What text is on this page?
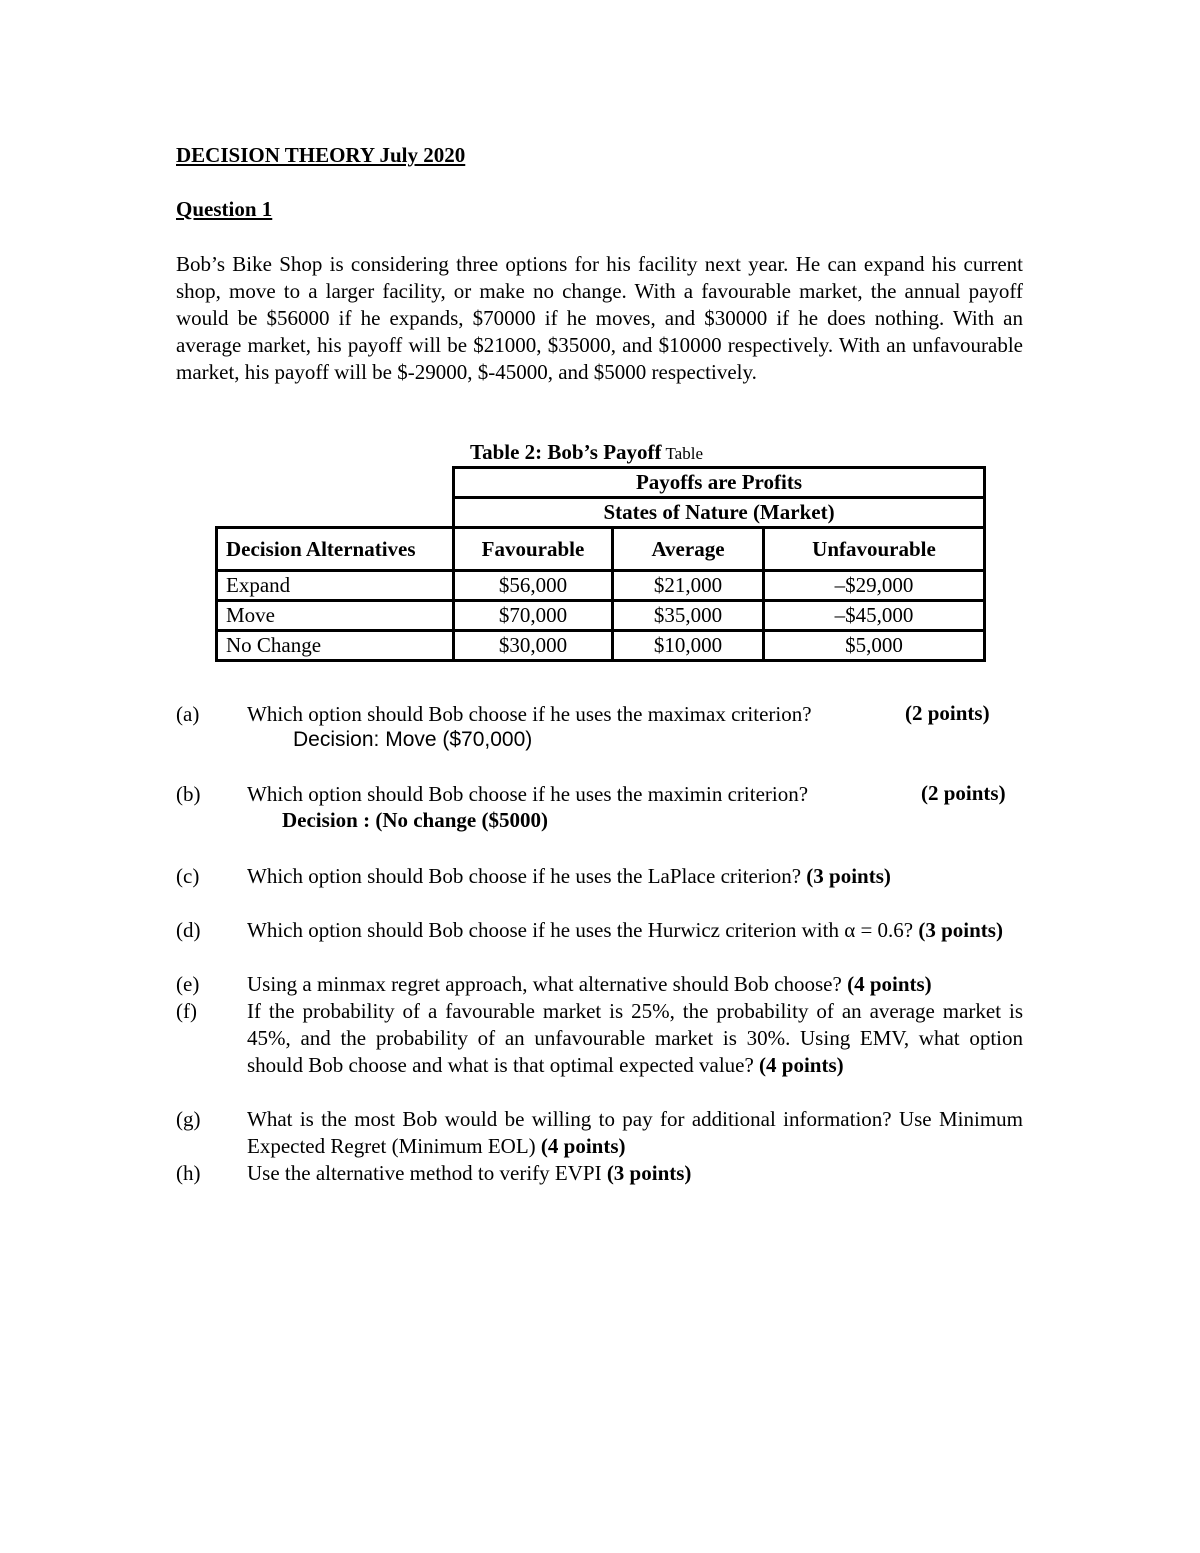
DECISION THEORY July 2020
Question 1

Bob’s Bike Shop is considering three options for his facility next year. He can expand his current shop, move to a larger facility, or make no change. With a favourable market, the annual payoff would be $56000 if he expands, $70000 if he moves, and $30000 if he does nothing. With an average market, his payoff will be $21000, $35000, and $10000 respectively. With an unfavourable market, his payoff will be $-29000, $-45000, and $5000 respectively.

Table 2: Bob’s Payoff Table
	Payoffs are Profits		
	States of Nature (Market)		
Decision Alternatives	Favourable	Average	Unfavourable
Expand	$56,000	$21,000	–$29,000
Move	$70,000	$35,000	–$45,000
No Change	$30,000	$10,000	$5,000
(a) Which option should Bob choose if he uses the maximax criterion?	(2 points)
Decision: Move ($70,000)
(b) Which option should Bob choose if he uses the maximin criterion?	(2 points)
Decision : (No change ($5000)
(c) Which option should Bob choose if he uses the LaPlace criterion? (3 points)
(d) Which option should Bob choose if he uses the Hurwicz criterion with α = 0.6? (3 points)
(e) Using a minmax regret approach, what alternative should Bob choose? (4 points)
(f) If the probability of a favourable market is 25%, the probability of an average market is 45%, and the probability of an unfavourable market is 30%. Using EMV, what option should Bob choose and what is that optimal expected value? (4 points)
(g) What is the most Bob would be willing to pay for additional information? Use Minimum Expected Regret (Minimum EOL) (4 points)
(h) Use the alternative method to verify EVPI (3 points)
